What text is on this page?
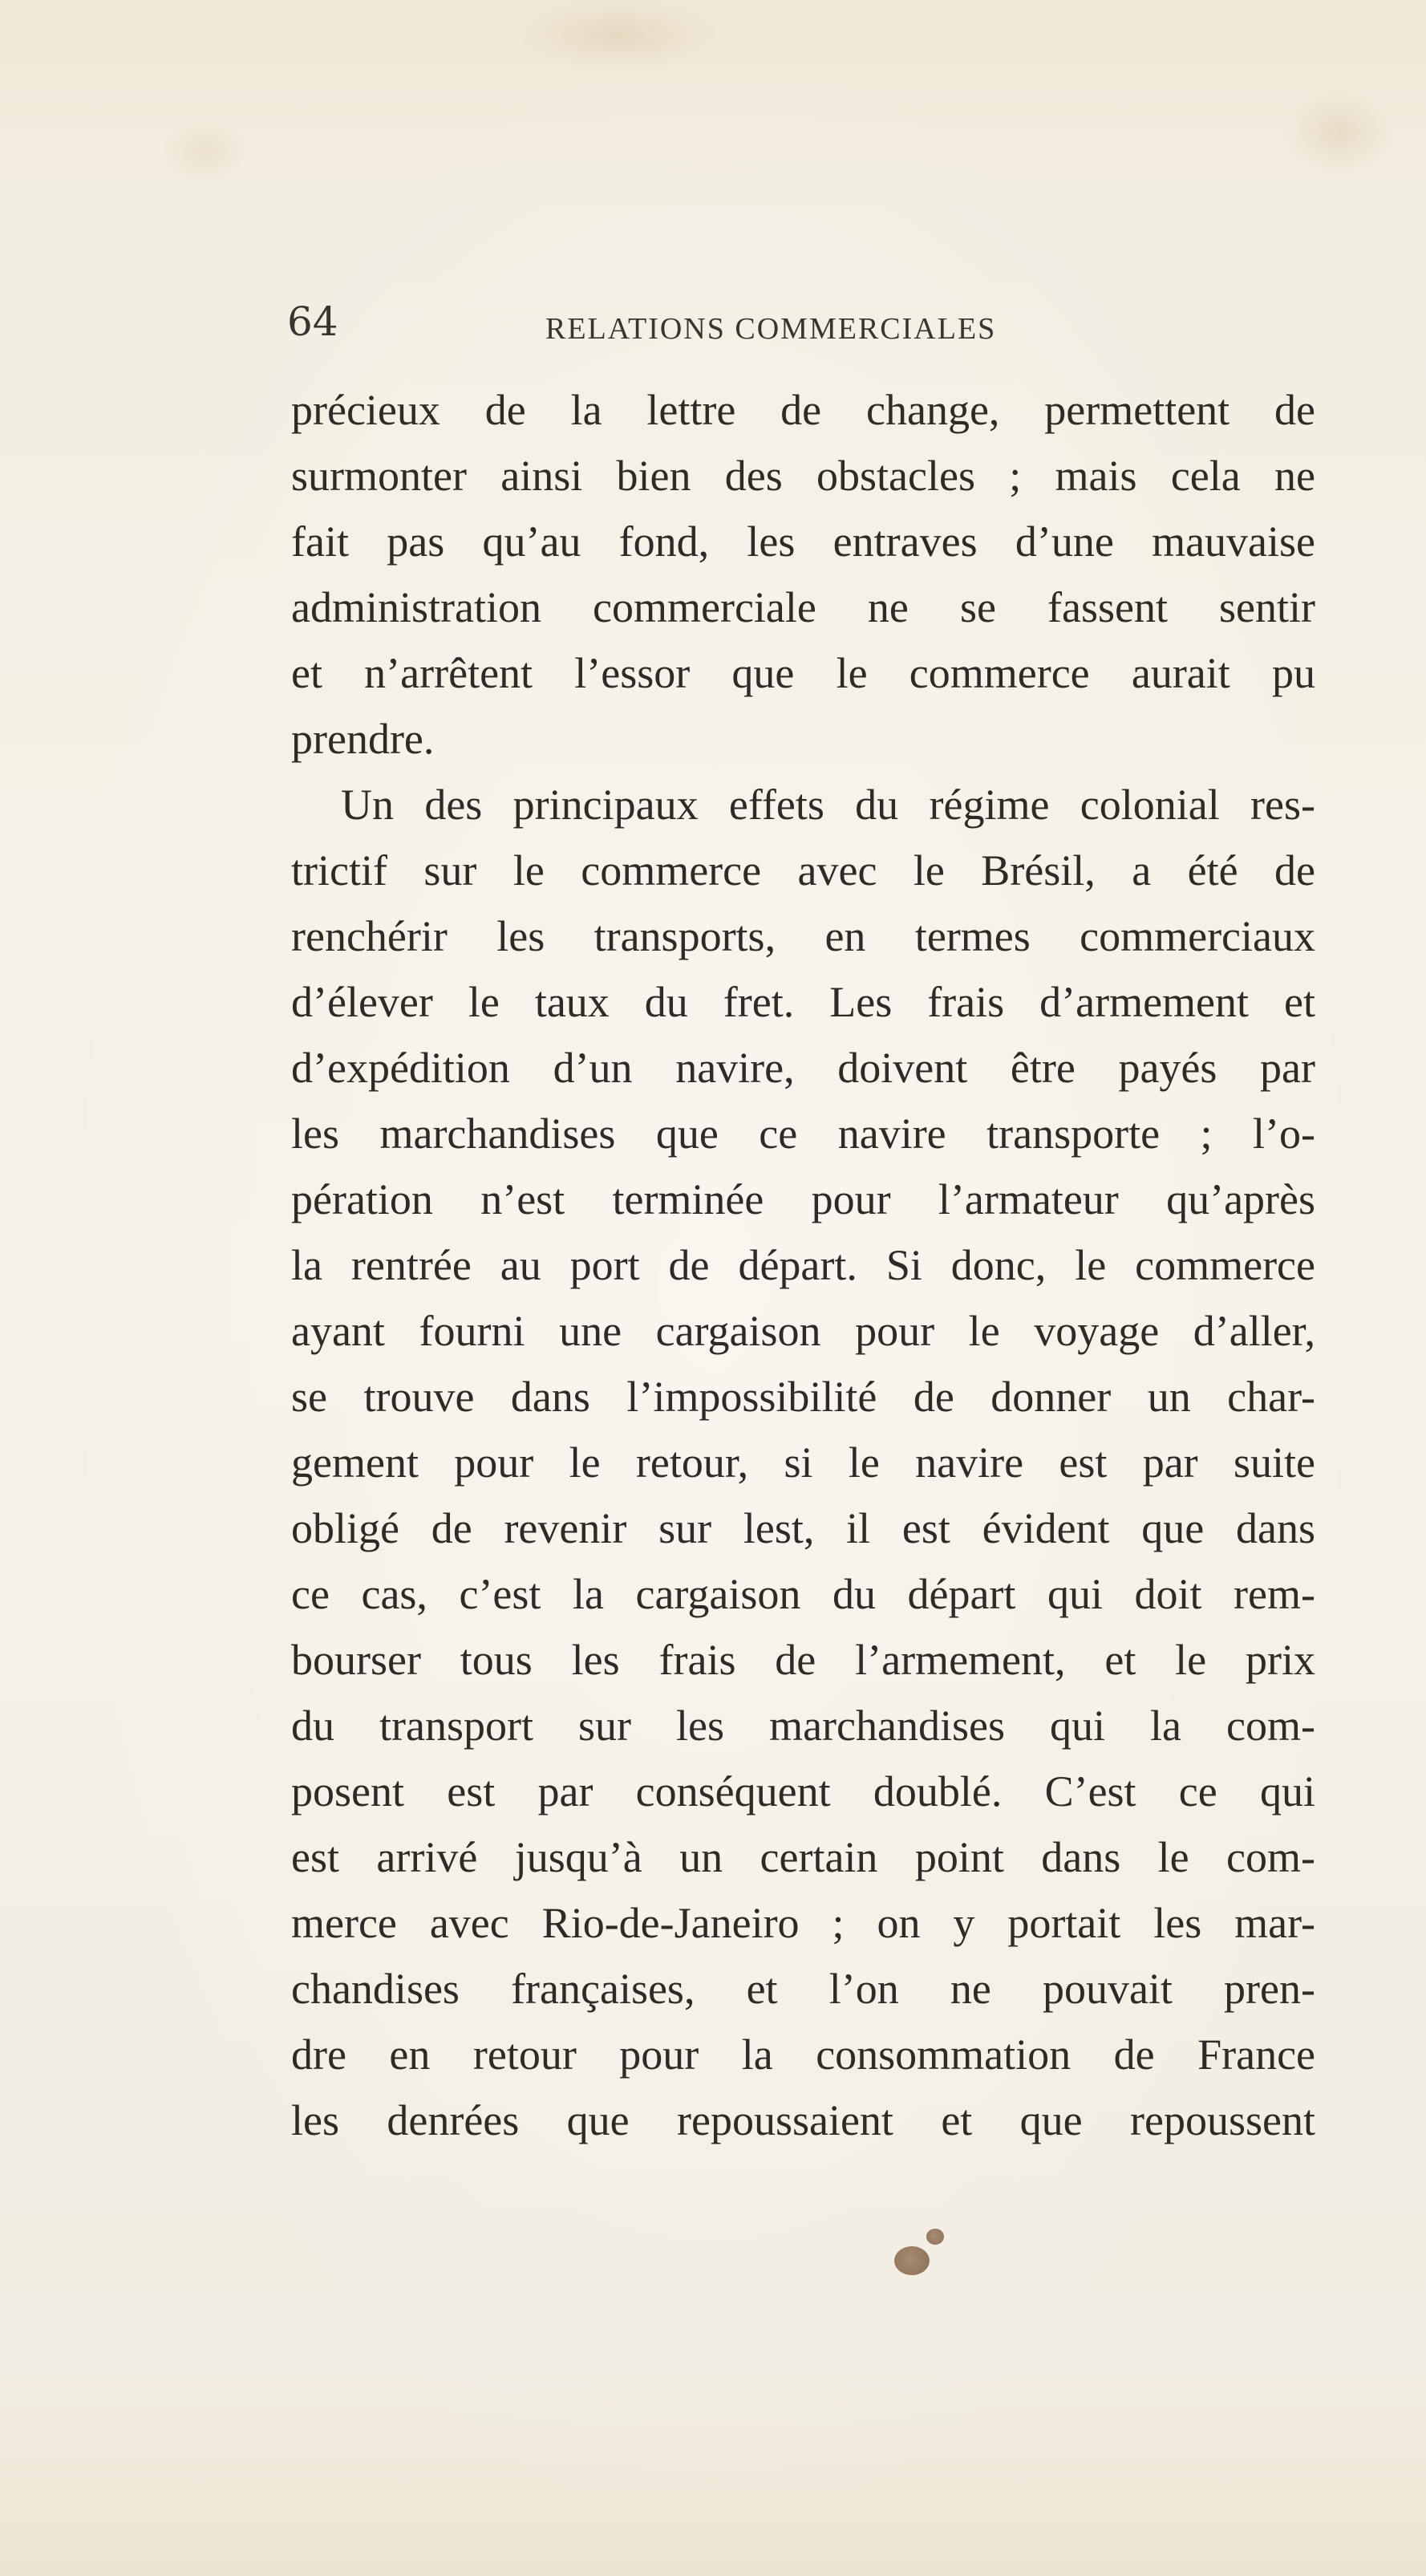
64	RELATIONS COMMERCIALES
précieux de la lettre de change, permettent de
surmonter ainsi bien des obstacles ; mais cela ne
fait pas qu’au fond, les entraves d’une mauvaise
administration commerciale ne se fassent sentir
et n’arrêtent l’essor que le commerce aurait pu
prendre.
Un des principaux effets du régime colonial res-
trictif sur le commerce avec le Brésil, a été de
renchérir les transports, en termes commerciaux
d’élever le taux du fret. Les frais d’armement et
d’expédition d’un navire, doivent être payés par
les marchandises que ce navire transporte ; l’o-
pération n’est terminée pour l’armateur qu’après
la rentrée au port de départ. Si donc, le commerce
ayant fourni une cargaison pour le voyage d’aller,
se trouve dans l’impossibilité de donner un char-
gement pour le retour, si le navire est par suite
obligé de revenir sur lest, il est évident que dans
ce cas, c’est la cargaison du départ qui doit rem-
bourser tous les frais de l’armement, et le prix
du transport sur les marchandises qui la com-
posent est par conséquent doublé. C’est ce qui
est arrivé jusqu’à un certain point dans le com-
merce avec Rio-de-Janeiro ; on y portait les mar-
chandises françaises, et l’on ne pouvait pren-
dre en retour pour la consommation de France
les denrées que repoussaient et que repoussent
